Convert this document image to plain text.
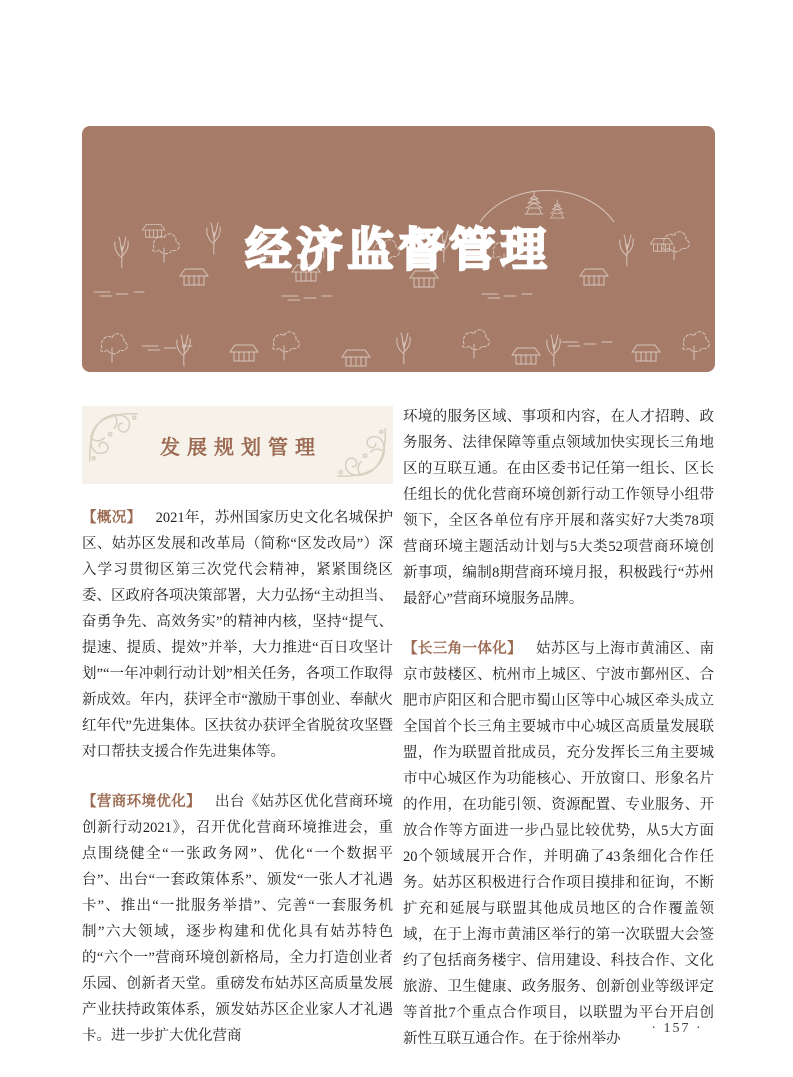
经济监督管理
发展规划管理

【概况】 2021年，苏州国家历史文化名城保护区、姑苏区发展和改革局（简称“区发改局”）深入学习贯彻区第三次党代会精神，紧紧围绕区委、区政府各项决策部署，大力弘扬“主动担当、奋勇争先、高效务实”的精神内核，坚持“提气、提速、提质、提效”并举，大力推进“百日攻坚计划”“一年冲刺行动计划”相关任务，各项工作取得新成效。年内，获评全市“激励干事创业、奉献火红年代”先进集体。区扶贫办获评全省脱贫攻坚暨对口帮扶支援合作先进集体等。

【营商环境优化】 出台《姑苏区优化营商环境创新行动2021》，召开优化营商环境推进会，重点围绕健全“一张政务网”、优化“一个数据平台”、出台“一套政策体系”、颁发“一张人才礼遇卡”、推出“一批服务举措”、完善“一套服务机制”六大领域，逐步构建和优化具有姑苏特色的“六个一”营商环境创新格局，全力打造创业者乐园、创新者天堂。重磅发布姑苏区高质量发展产业扶持政策体系，颁发姑苏区企业家人才礼遇卡。进一步扩大优化营商

环境的服务区域、事项和内容，在人才招聘、政务服务、法律保障等重点领域加快实现长三角地区的互联互通。在由区委书记任第一组长、区长任组长的优化营商环境创新行动工作领导小组带领下，全区各单位有序开展和落实好7大类78项营商环境主题活动计划与5大类52项营商环境创新事项，编制8期营商环境月报，积极践行“苏州最舒心”营商环境服务品牌。

【长三角一体化】 姑苏区与上海市黄浦区、南京市鼓楼区、杭州市上城区、宁波市鄞州区、合肥市庐阳区和合肥市蜀山区等中心城区牵头成立全国首个长三角主要城市中心城区高质量发展联盟，作为联盟首批成员，充分发挥长三角主要城市中心城区作为功能核心、开放窗口、形象名片的作用，在功能引领、资源配置、专业服务、开放合作等方面进一步凸显比较优势，从5大方面20个领域展开合作，并明确了43条细化合作任务。姑苏区积极进行合作项目摸排和征询，不断扩充和延展与联盟其他成员地区的合作覆盖领域，在于上海市黄浦区举行的第一次联盟大会签约了包括商务楼宇、信用建设、科技合作、文化旅游、卫生健康、政务服务、创新创业等级评定等首批7个重点合作项目，以联盟为平台开启创新性互联互通合作。在于徐州举办

· 157 ·
